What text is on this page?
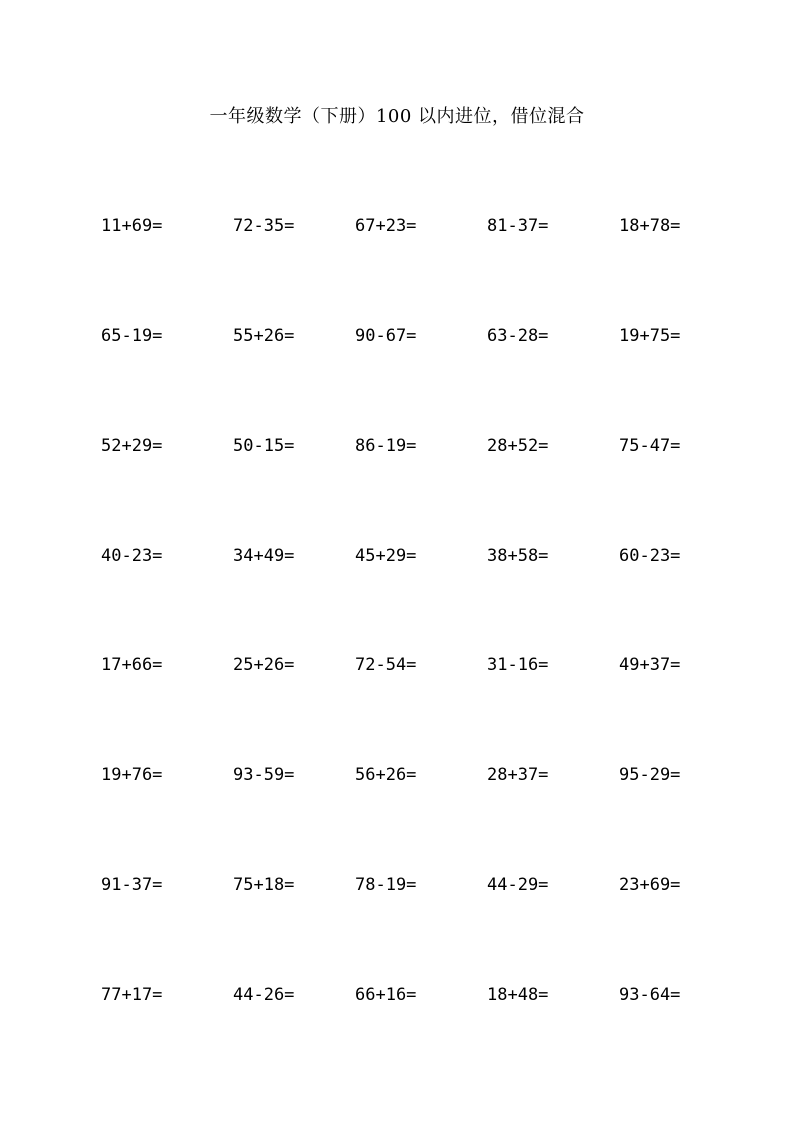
一年级数学（下册）100 以内进位，借位混合
11+69=	72-35=	67+23=	81-37=	18+78=
65-19=	55+26=	90-67=	63-28=	19+75=
52+29=	50-15=	86-19=	28+52=	75-47=
40-23=	34+49=	45+29=	38+58=	60-23=
17+66=	25+26=	72-54=	31-16=	49+37=
19+76=	93-59=	56+26=	28+37=	95-29=
91-37=	75+18=	78-19=	44-29=	23+69=
77+17=	44-26=	66+16=	18+48=	93-64=
